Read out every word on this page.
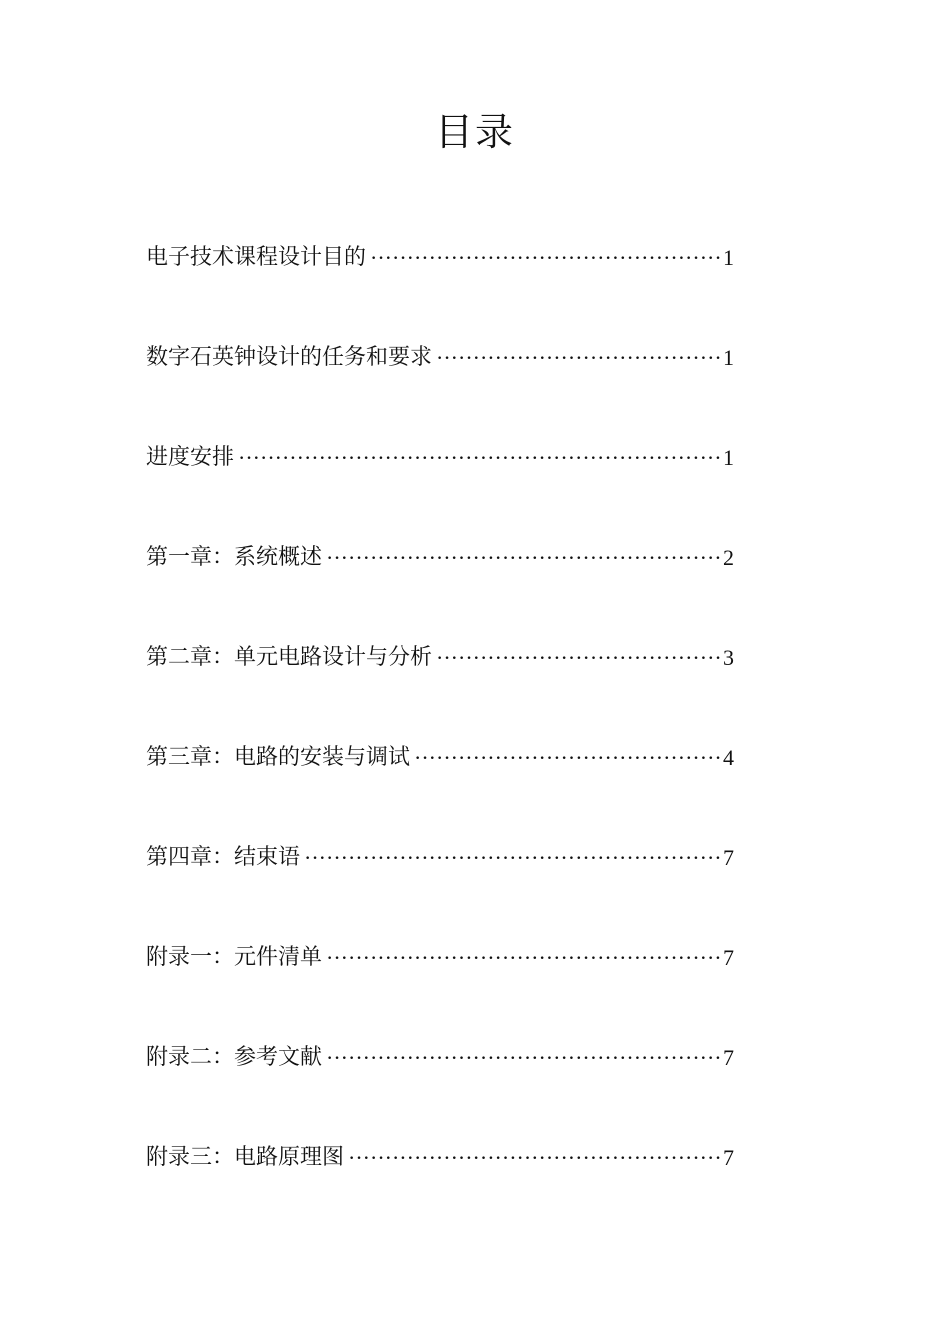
目录
电子技术课程设计目的 ·····	1
数字石英钟设计的任务和要求 ·····	1
进度安排 ·····	1
第一章：系统概述 ·····	2
第二章：单元电路设计与分析 ·····	3
第三章：电路的安装与调试 ·····	4
第四章：结束语 ·····	7
附录一：元件清单 ·····	7
附录二：参考文献 ·····	7
附录三：电路原理图 ·····	7
